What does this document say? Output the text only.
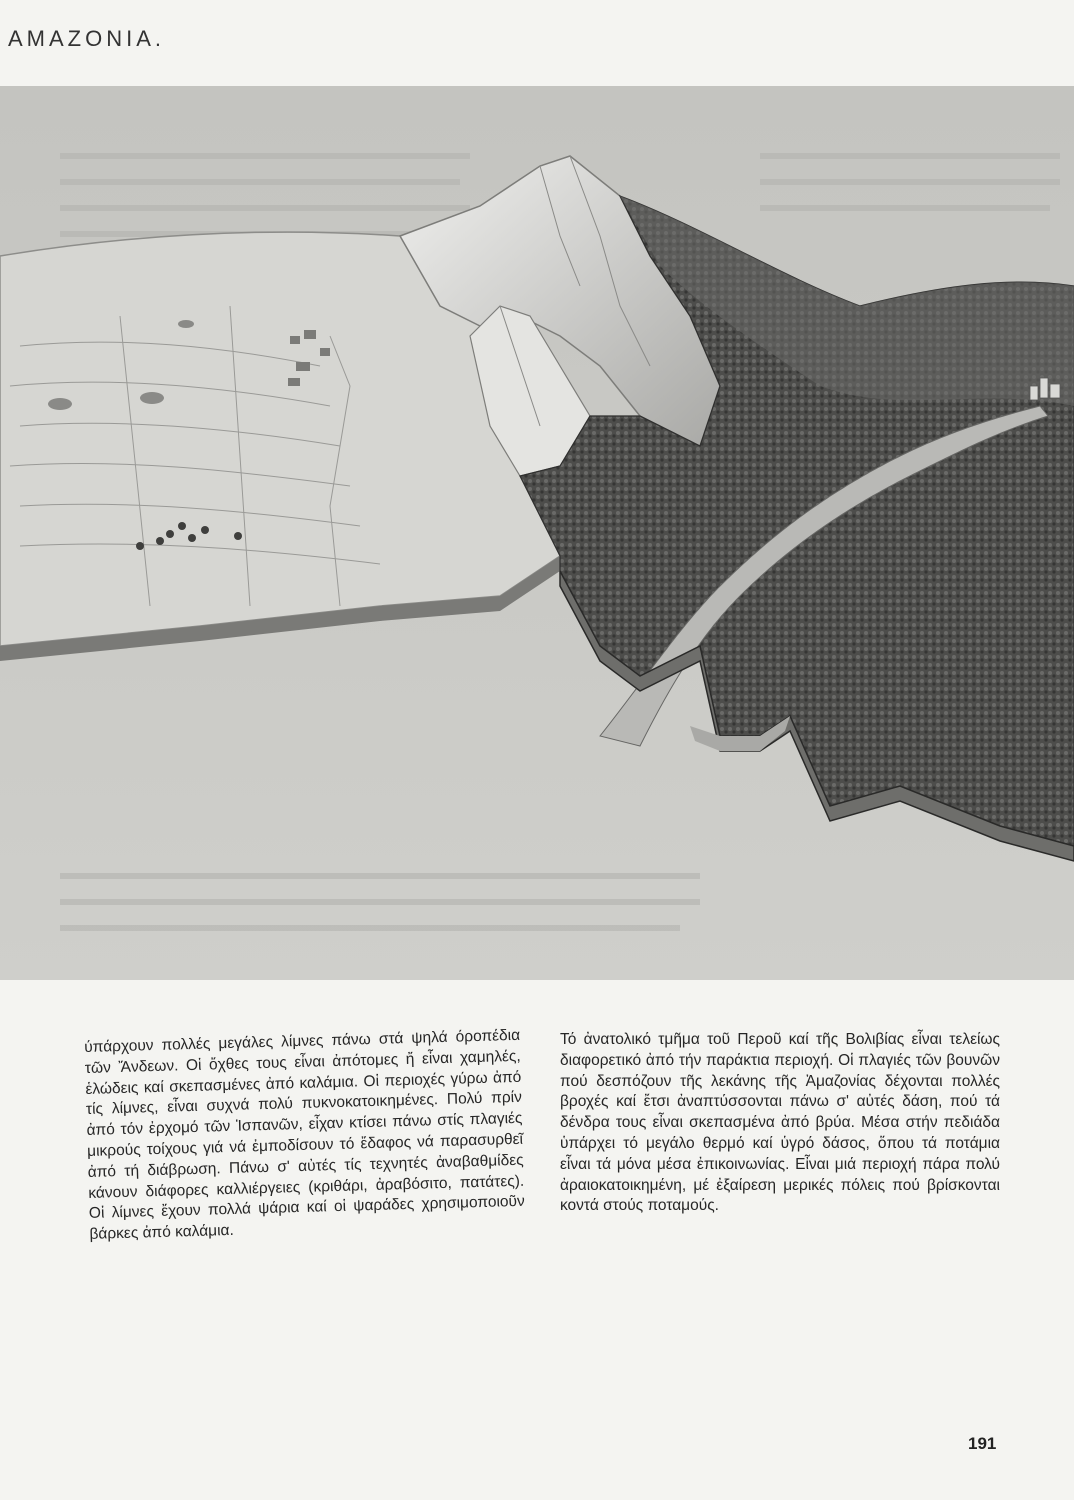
AMAZONIA.
ύπάρχουν πολλές μεγάλες λίμνες πάνω στά ψηλά όροπέδια τῶν Ἄνδεων. Οἱ ὄχθες τους εἶναι ἀπότομες ἤ εἶναι χαμηλές, ἑλώδεις καί σκεπασμένες ἀπό καλάμια. Οἱ περιοχές γύρω ἀπό τίς λίμνες, εἶναι συχνά πολύ πυκνοκατοικημένες. Πολύ πρίν ἀπό τόν ἐρχομό τῶν Ἱσπανῶν, εἶχαν κτίσει πάνω στίς πλαγιές μικρούς τοίχους γιά νά ἐμποδίσουν τό ἔδαφος νά παρασυρθεῖ ἀπό τή διάβρωση. Πάνω σ' αὐτές τίς τεχνητές ἀναβαθμίδες κάνουν διάφορες καλλιέργειες (κριθάρι, ἀραβόσιτο, πατάτες). Οἱ λίμνες ἔχουν πολλά ψάρια καί οἱ ψαράδες χρησιμοποιοῦν βάρκες ἀπό καλάμια.
Τό ἀνατολικό τμῆμα τοῦ Περοῦ καί τῆς Βολιβίας εἶναι τελείως διαφορετικό ἀπό τήν παράκτια περιοχή. Οἱ πλαγιές τῶν βουνῶν πού δεσπόζουν τῆς λεκάνης τῆς Ἀμαζονίας δέχονται πολλές βροχές καί ἔτσι ἀναπτύσσονται πάνω σ' αὐτές δάση, πού τά δένδρα τους εἶναι σκεπασμένα ἀπό βρύα. Μέσα στήν πεδιάδα ὑπάρχει τό μεγάλο θερμό καί ὑγρό δάσος, ὅπου τά ποτάμια εἶναι τά μόνα μέσα ἐπικοινωνίας. Εἶναι μιά περιοχή πάρα πολύ ἀραιοκατοικημένη, μέ ἐξαίρεση μερικές πόλεις πού βρίσκονται κοντά στούς ποταμούς.
191
